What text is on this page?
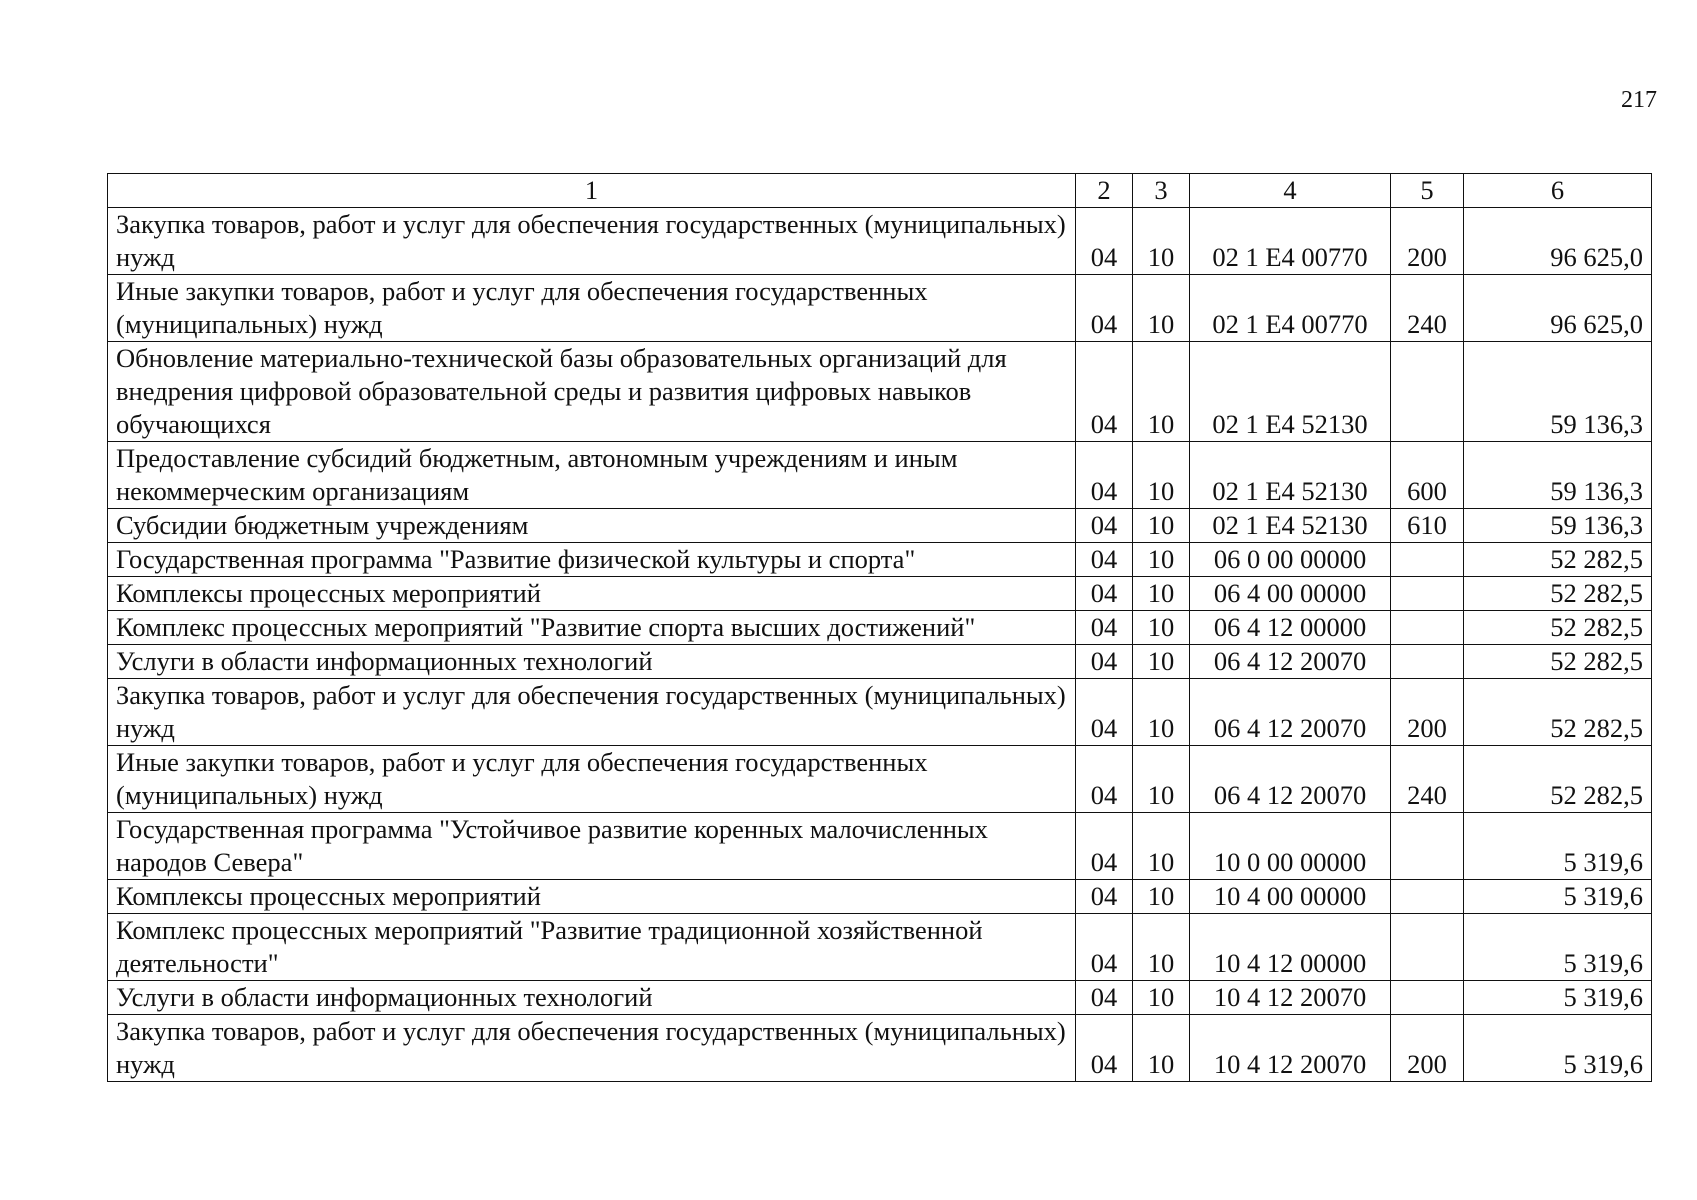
217
1	2	3	4	5	6
Закупка товаров, работ и услуг для обеспечения государственных (муниципальных) нужд	04	10	02 1 Е4 00770	200	96 625,0
Иные закупки товаров, работ и услуг для обеспечения государственных (муниципальных) нужд	04	10	02 1 Е4 00770	240	96 625,0
Обновление материально-технической базы образовательных организаций для внедрения цифровой образовательной среды и развития цифровых навыков обучающихся	04	10	02 1 Е4 52130		59 136,3
Предоставление субсидий бюджетным, автономным учреждениям и иным некоммерческим организациям	04	10	02 1 Е4 52130	600	59 136,3
Субсидии бюджетным учреждениям	04	10	02 1 Е4 52130	610	59 136,3
Государственная программа "Развитие физической культуры и спорта"	04	10	06 0 00 00000		52 282,5
Комплексы процессных мероприятий	04	10	06 4 00 00000		52 282,5
Комплекс процессных мероприятий "Развитие спорта высших достижений"	04	10	06 4 12 00000		52 282,5
Услуги в области информационных технологий	04	10	06 4 12 20070		52 282,5
Закупка товаров, работ и услуг для обеспечения государственных (муниципальных) нужд	04	10	06 4 12 20070	200	52 282,5
Иные закупки товаров, работ и услуг для обеспечения государственных (муниципальных) нужд	04	10	06 4 12 20070	240	52 282,5
Государственная программа "Устойчивое развитие коренных малочисленных народов Севера"	04	10	10 0 00 00000		5 319,6
Комплексы процессных мероприятий	04	10	10 4 00 00000		5 319,6
Комплекс процессных мероприятий "Развитие традиционной хозяйственной деятельности"	04	10	10 4 12 00000		5 319,6
Услуги в области информационных технологий	04	10	10 4 12 20070		5 319,6
Закупка товаров, работ и услуг для обеспечения государственных (муниципальных) нужд	04	10	10 4 12 20070	200	5 319,6
